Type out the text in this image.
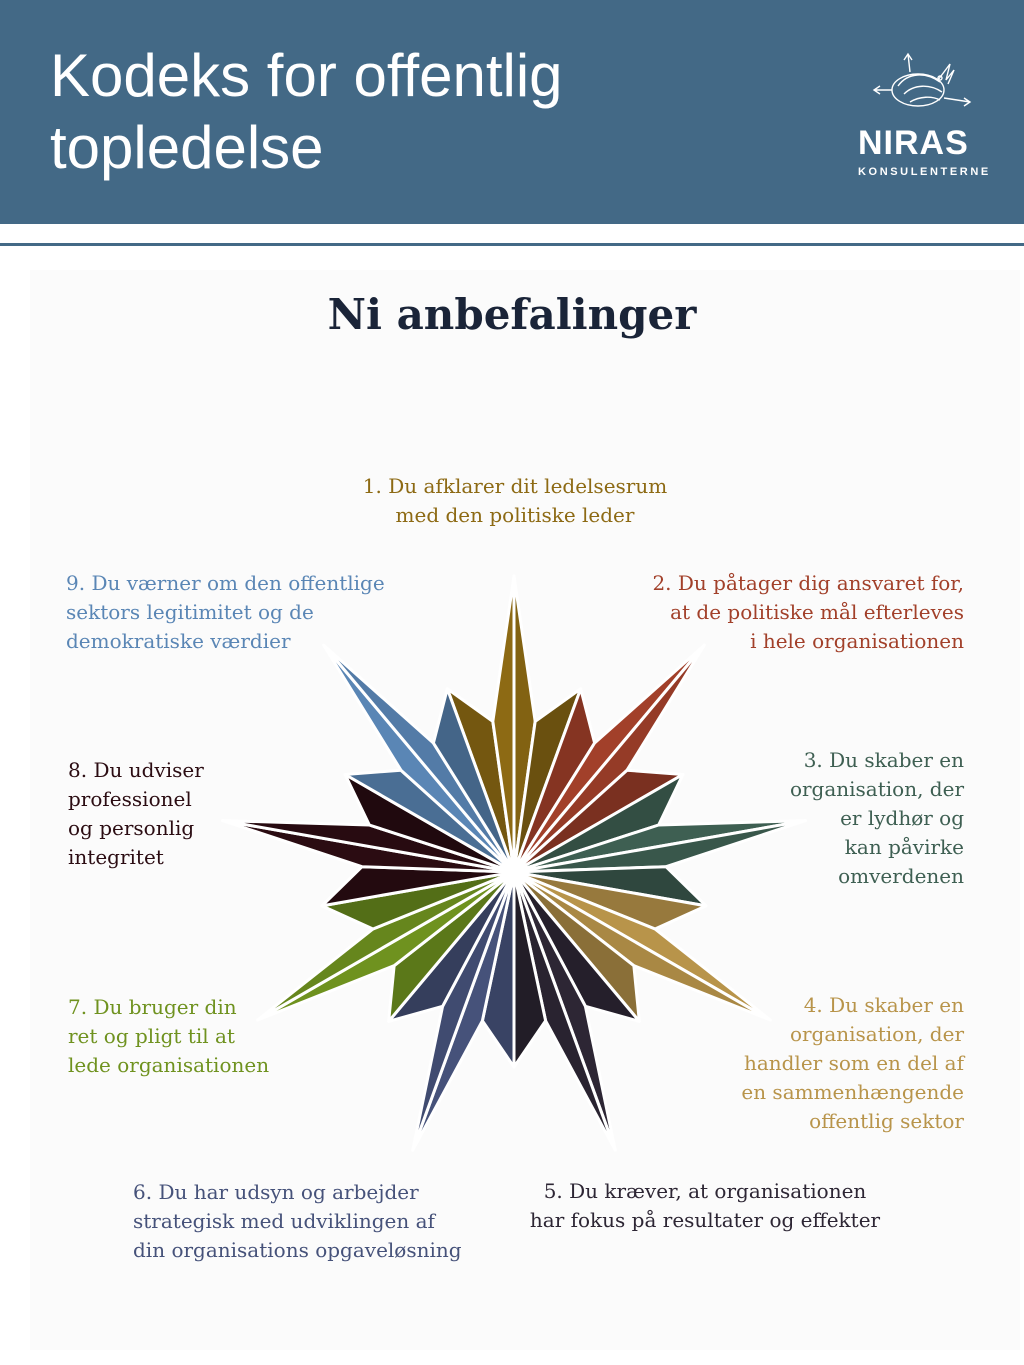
Kodeks for offentlig
topledelse	NIRAS
KONSULENTERNE
Ni anbefalinger
1. Du afklarer dit ledelsesrum
med den politiske leder
2. Du påtager dig ansvaret for,
at de politiske mål efterleves
i hele organisationen
3. Du skaber en
organisation, der
er lydhør og
kan påvirke
omverdenen
4. Du skaber en
organisation, der
handler som en del af
en sammenhængende
offentlig sektor
5. Du kræver, at organisationen
har fokus på resultater og effekter
6. Du har udsyn og arbejder
strategisk med udviklingen af
din organisations opgaveløsning
7. Du bruger din
ret og pligt til at
lede organisationen
8. Du udviser
professionel
og personlig
integritet
9. Du værner om den offentlige
sektors legitimitet og de
demokratiske værdier
